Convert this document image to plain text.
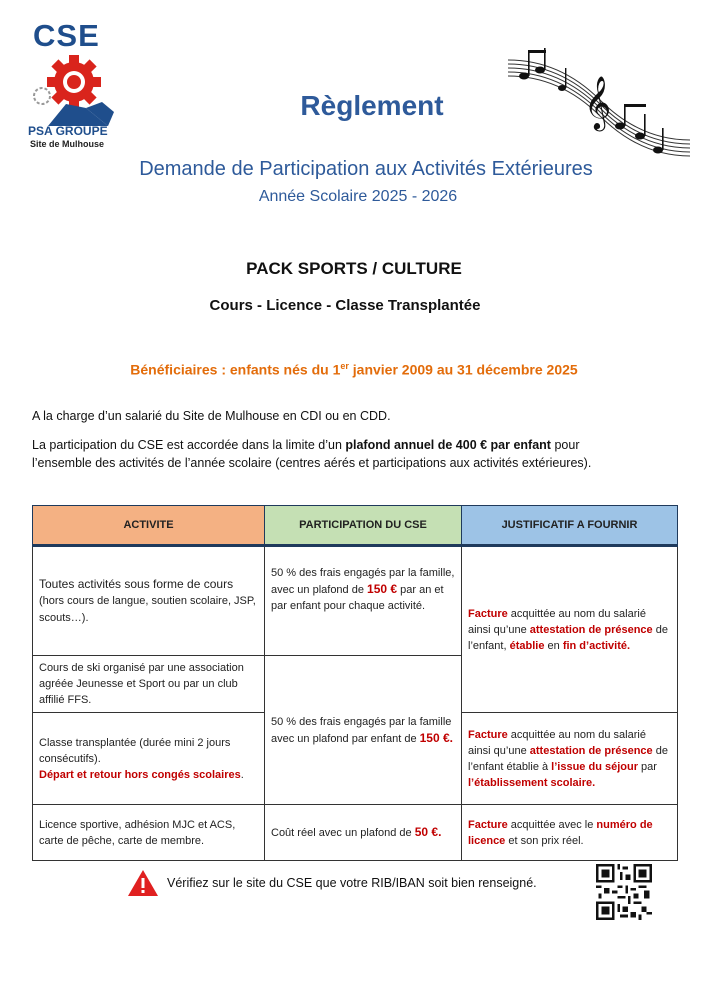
CSE
PSA GROUPE
Site de Mulhouse
𝄞
Règlement
Demande de Participation aux Activités Extérieures
Année Scolaire 2025 - 2026
PACK SPORTS / CULTURE
Cours - Licence - Classe Transplantée
Bénéficiaires : enfants nés du 1er janvier 2009 au 31 décembre 2025
A la charge d’un salarié du Site de Mulhouse en CDI ou en CDD.
La participation du CSE est accordée dans la limite d’un plafond annuel de 400 € par enfant pour
l’ensemble des activités de l’année scolaire (centres aérés et participations aux activités extérieures).
ACTIVITE	PARTICIPATION DU CSE	JUSTIFICATIF A FOURNIR
Toutes activités sous forme de cours
(hors cours de langue, soutien scolaire, JSP, scouts…).	50 % des frais engagés par la famille, avec un plafond de 150 € par an et par enfant pour chaque activité.	Facture acquittée au nom du salarié ainsi qu’une attestation de présence de l’enfant, établie en fin d’activité.
Cours de ski organisé par une association agréée Jeunesse et Sport ou par un club affilié FFS.	50 % des frais engagés par la famille avec un plafond par enfant de 150 €.	
Classe transplantée (durée mini 2 jours consécutifs).
Départ et retour hors congés scolaires.		Facture acquittée au nom du salarié ainsi qu’une attestation de présence de l’enfant établie à l’issue du séjour par l’établissement scolaire.
Licence sportive, adhésion MJC et ACS, carte de pêche, carte de membre.	Coût réel avec un plafond de 50 €.	Facture acquittée avec le numéro de licence et son prix réel.
Vérifiez sur le site du CSE que votre RIB/IBAN soit bien renseigné.
